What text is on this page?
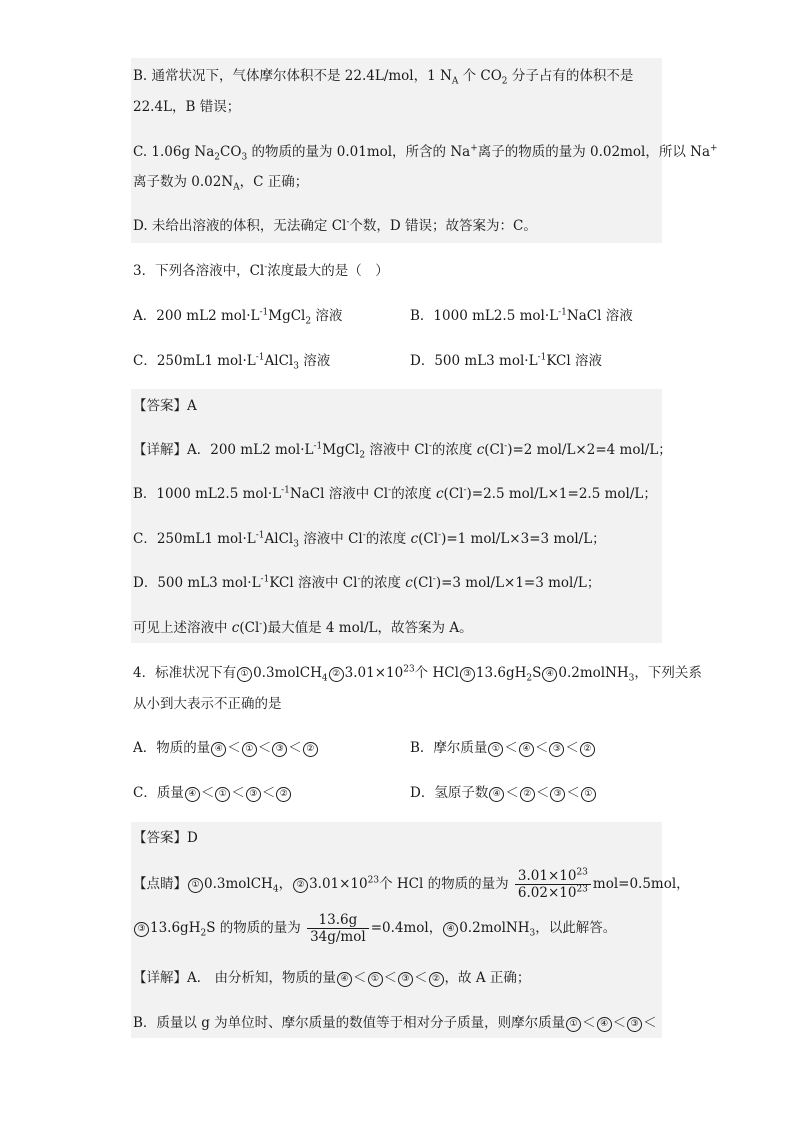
B. 通常状况下，气体摩尔体积不是 22.4L/mol，1 $N_A$ 个 $CO_2$ 分子占有的体积不是
22.4L，B 错误；
C. 1.06g $Na_2CO_3$ 的物质的量为 0.01mol，所含的 Na+离子的物质的量为 0.02mol，所以 Na+
离子数为 $0.02N_A$，C 正确；
D. 未给出溶液的体积，无法确定 Cl-个数，D 错误；故答案为：C。
3．下列各溶液中，Cl-浓度最大的是（　）
A．200 mL2 $mol\cdot L^{-1}MgCl_2$ 溶液	B．1000 mL2.5 $mol\cdot L^{-1}NaCl$ 溶液
C．250mL1 $mol\cdot L^{-1}AlCl_3$ 溶液	D．500 mL3 $mol\cdot L^{-1}KCl$ 溶液
【答案】A
【详解】A．200 mL2 $mol\cdot L^{-1}MgCl_2$ 溶液中 Cl-的浓度 c(Cl-)=2 mol/L×2=4 mol/L；
B．1000 mL2.5 $mol\cdot L^{-1}NaCl$ 溶液中 Cl-的浓度 c(Cl-)=2.5 mol/L×1=2.5 mol/L；
C．250mL1 $mol\cdot L^{-1}AlCl_3$ 溶液中 Cl-的浓度 c(Cl-)=1 mol/L×3=3 mol/L；
D．500 mL3 $mol\cdot L^{-1}KCl$ 溶液中 Cl-的浓度 c(Cl-)=3 mol/L×1=3 mol/L；
可见上述溶液中 c(Cl-)最大值是 4 mol/L，故答案为 A。
4．标准状况下有 ① 0.3molCH$_4$ ② $3.01\times 10^{23}$个 HCl ③ $13.6gH_2S$ ④ 0.2molNH$_3$，下列关系
从小到大表示不正确的是
A．物质的量 ④ ＜ ① ＜ ③ ＜ ②	B．摩尔质量 ① ＜ ④ ＜ ③ ＜ ②
C．质量 ④ ＜ ① ＜ ③ ＜ ②	D．氢原子数 ④ ＜ ② ＜ ③ ＜ ①
【答案】D
【点睛】 ① 0.3molCH$_4$， ② $3.01\times 10^{23}$个 HCl 的物质的量为 $\frac{3.01\times 10^{23}}{6.02\times 10^{23}} mol=0.5mol$，
③ $13.6gH_2S$ 的物质的量为 $\frac{13.6g}{\text{34g/mol}} =0.4mol$， ④ 0.2molNH$_3$，以此解答。
【详解】A． 由分析知，物质的量 ④ ＜ ① ＜ ③ ＜ ② ，故 A 正确；
B．质量以 g 为单位时、摩尔质量的数值等于相对分子质量，则摩尔质量 ① ＜ ④ ＜ ③ ＜
